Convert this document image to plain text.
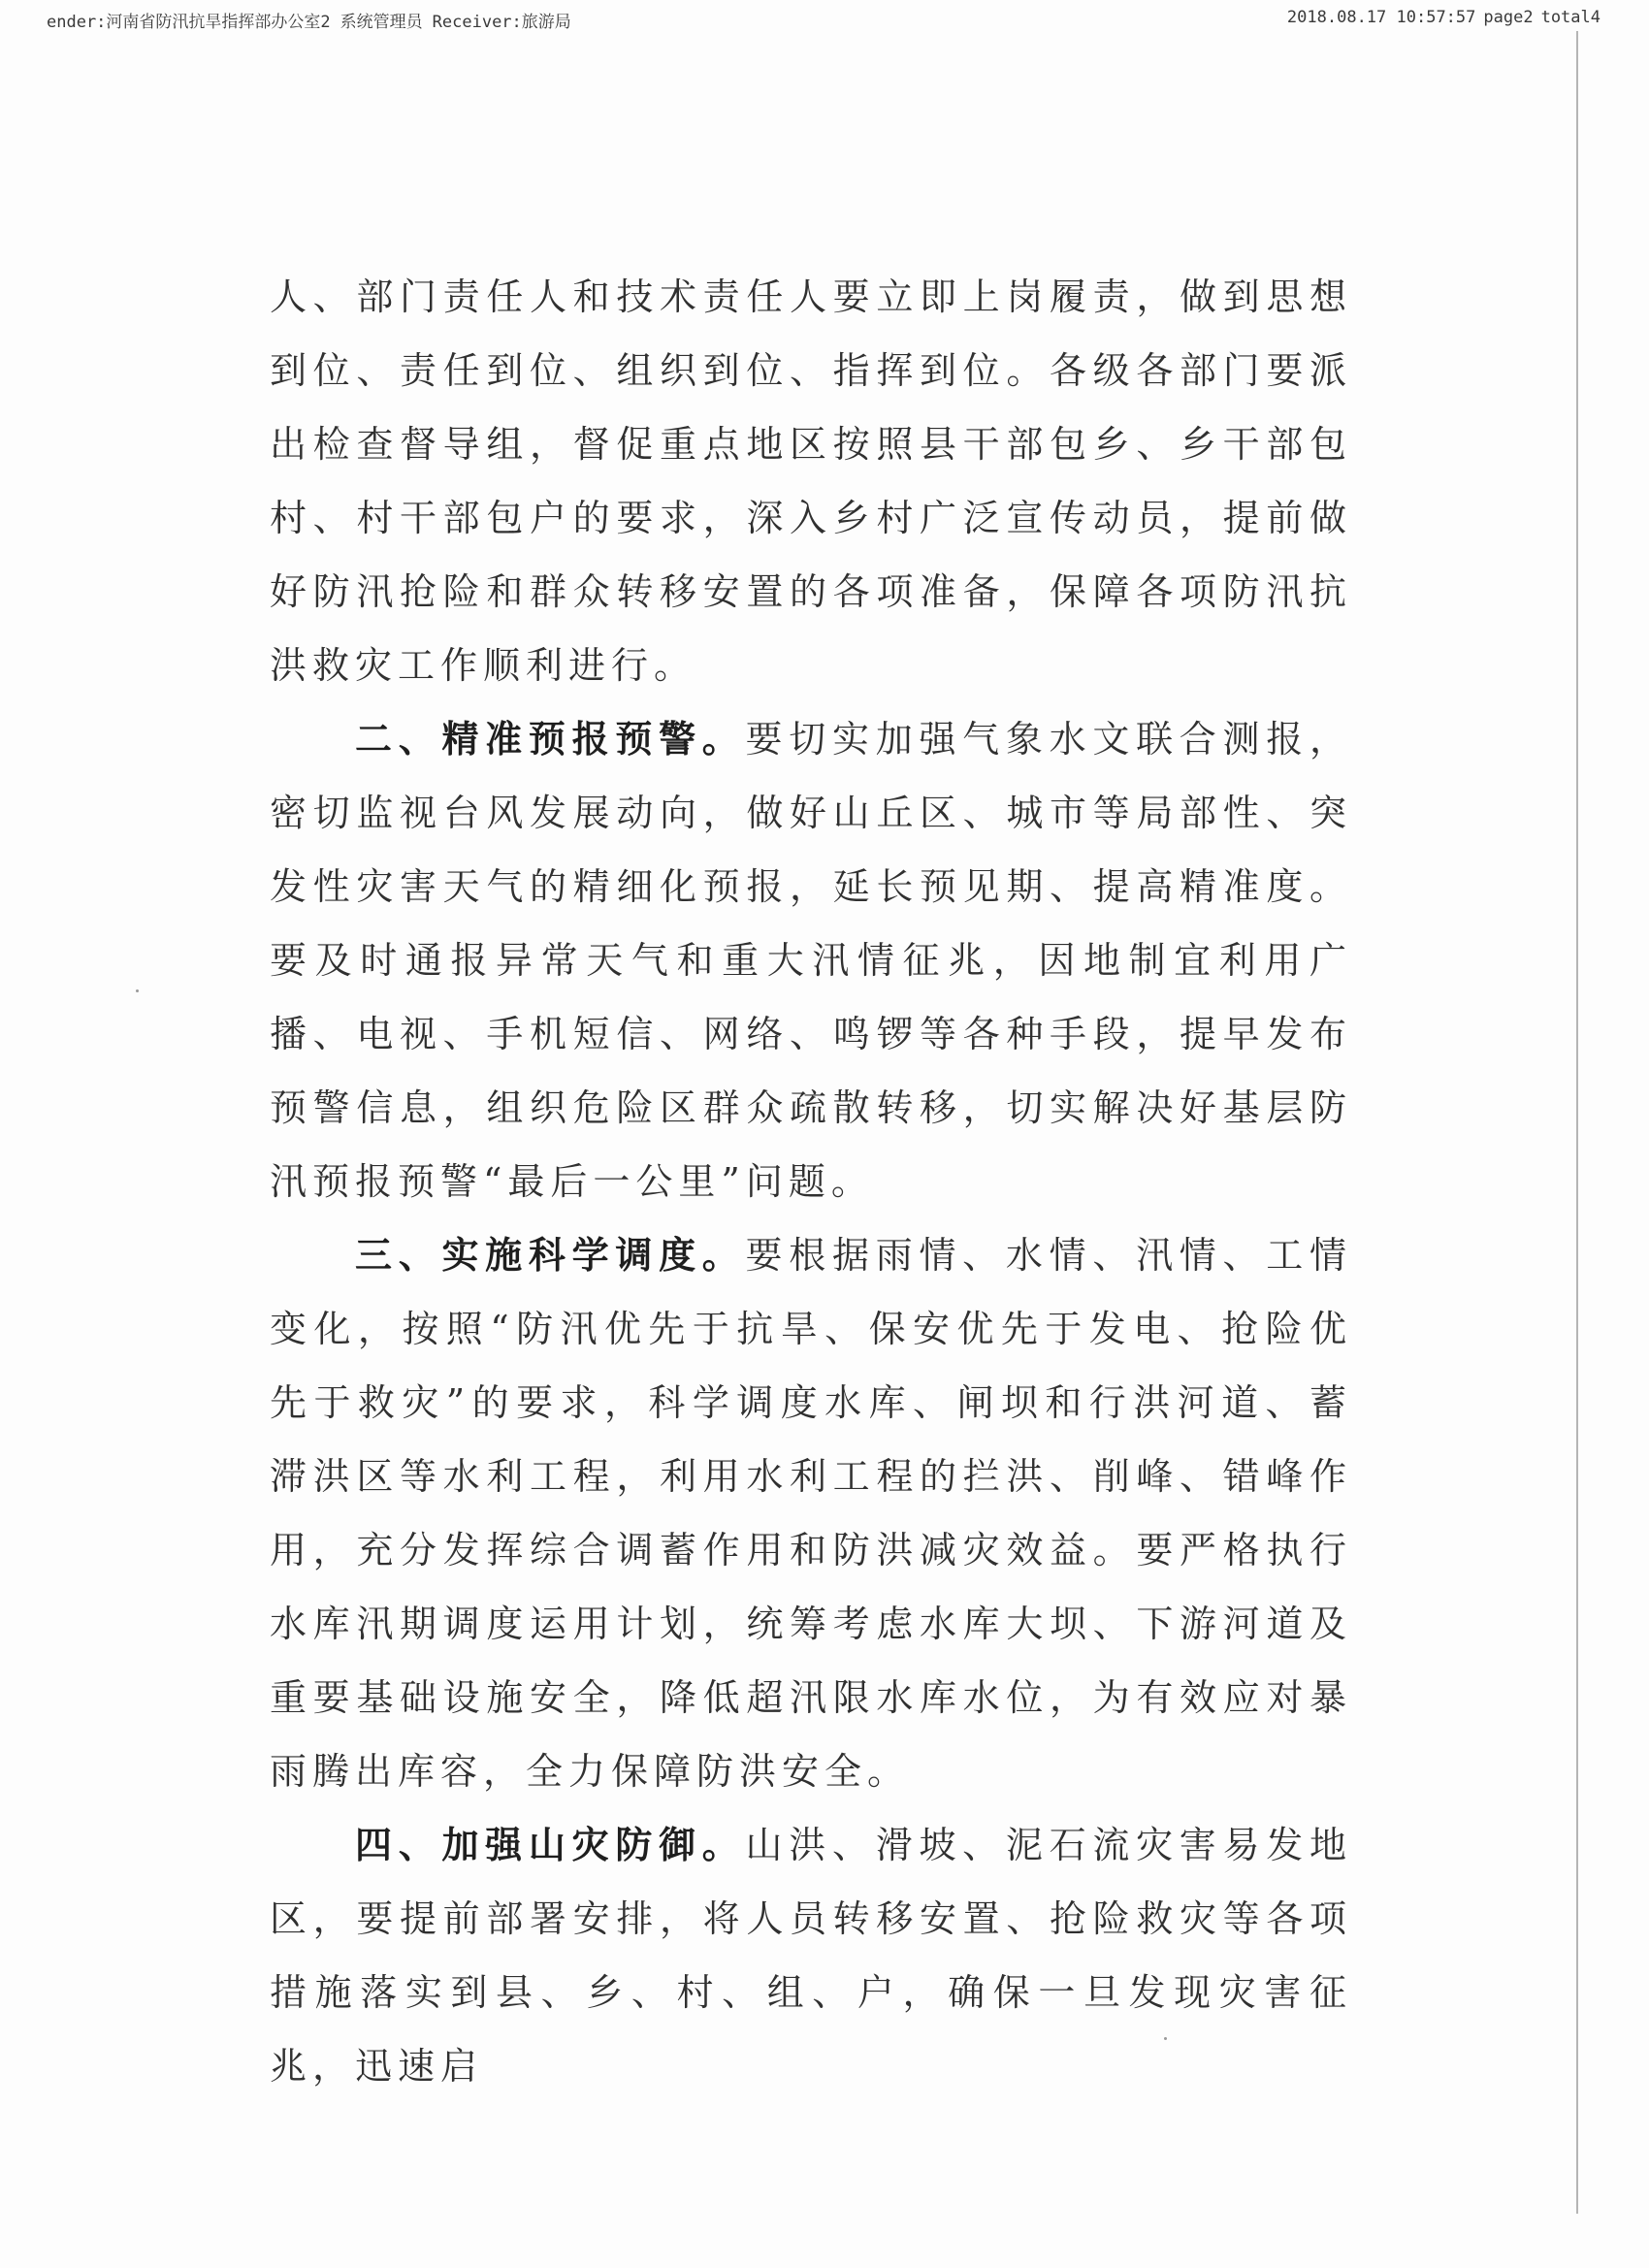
ender:河南省防汛抗旱指挥部办公室2 系统管理员 Receiver:旅游局	2018.08.17 10:57:57 page2 total4

人、部门责任人和技术责任人要立即上岗履责，做到思想到位、责任到位、组织到位、指挥到位。各级各部门要派出检查督导组，督促重点地区按照县干部包乡、乡干部包村、村干部包户的要求，深入乡村广泛宣传动员，提前做好防汛抢险和群众转移安置的各项准备，保障各项防汛抗洪救灾工作顺利进行。

二、精准预报预警。要切实加强气象水文联合测报，密切监视台风发展动向，做好山丘区、城市等局部性、突发性灾害天气的精细化预报，延长预见期、提高精准度。要及时通报异常天气和重大汛情征兆，因地制宜利用广播、电视、手机短信、网络、鸣锣等各种手段，提早发布预警信息，组织危险区群众疏散转移，切实解决好基层防汛预报预警“最后一公里”问题。

三、实施科学调度。要根据雨情、水情、汛情、工情变化，按照“防汛优先于抗旱、保安优先于发电、抢险优先于救灾”的要求，科学调度水库、闸坝和行洪河道、蓄滞洪区等水利工程，利用水利工程的拦洪、削峰、错峰作用，充分发挥综合调蓄作用和防洪减灾效益。要严格执行水库汛期调度运用计划，统筹考虑水库大坝、下游河道及重要基础设施安全，降低超汛限水库水位，为有效应对暴雨腾出库容，全力保障防洪安全。

四、加强山灾防御。山洪、滑坡、泥石流灾害易发地区，要提前部署安排，将人员转移安置、抢险救灾等各项措施落实到县、乡、村、组、户，确保一旦发现灾害征兆，迅速启
